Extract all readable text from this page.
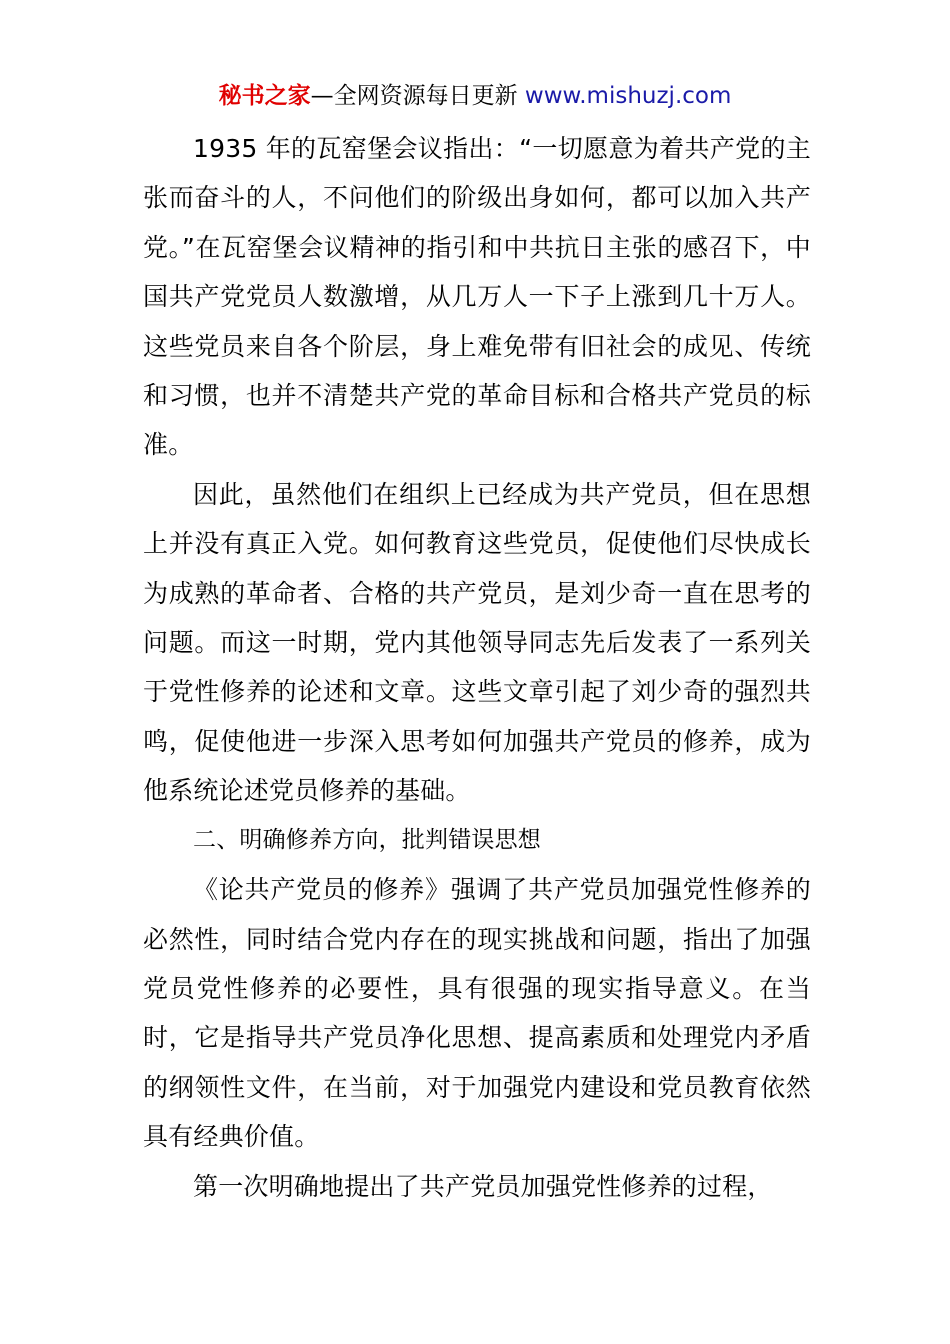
秘书之家—全网资源每日更新 www.mishuzj.com

1935 年的瓦窑堡会议指出：“一切愿意为着共产党的主张而奋斗的人，不问他们的阶级出身如何，都可以加入共产党。”在瓦窑堡会议精神的指引和中共抗日主张的感召下，中国共产党党员人数激增，从几万人一下子上涨到几十万人。这些党员来自各个阶层，身上难免带有旧社会的成见、传统和习惯，也并不清楚共产党的革命目标和合格共产党员的标准。

因此，虽然他们在组织上已经成为共产党员，但在思想上并没有真正入党。如何教育这些党员，促使他们尽快成长为成熟的革命者、合格的共产党员，是刘少奇一直在思考的问题。而这一时期，党内其他领导同志先后发表了一系列关于党性修养的论述和文章。这些文章引起了刘少奇的强烈共鸣，促使他进一步深入思考如何加强共产党员的修养，成为他系统论述党员修养的基础。

二、明确修养方向，批判错误思想

《论共产党员的修养》强调了共产党员加强党性修养的必然性，同时结合党内存在的现实挑战和问题，指出了加强党员党性修养的必要性，具有很强的现实指导意义。在当时，它是指导共产党员净化思想、提高素质和处理党内矛盾的纲领性文件，在当前，对于加强党内建设和党员教育依然具有经典价值。

第一次明确地提出了共产党员加强党性修养的过程，
